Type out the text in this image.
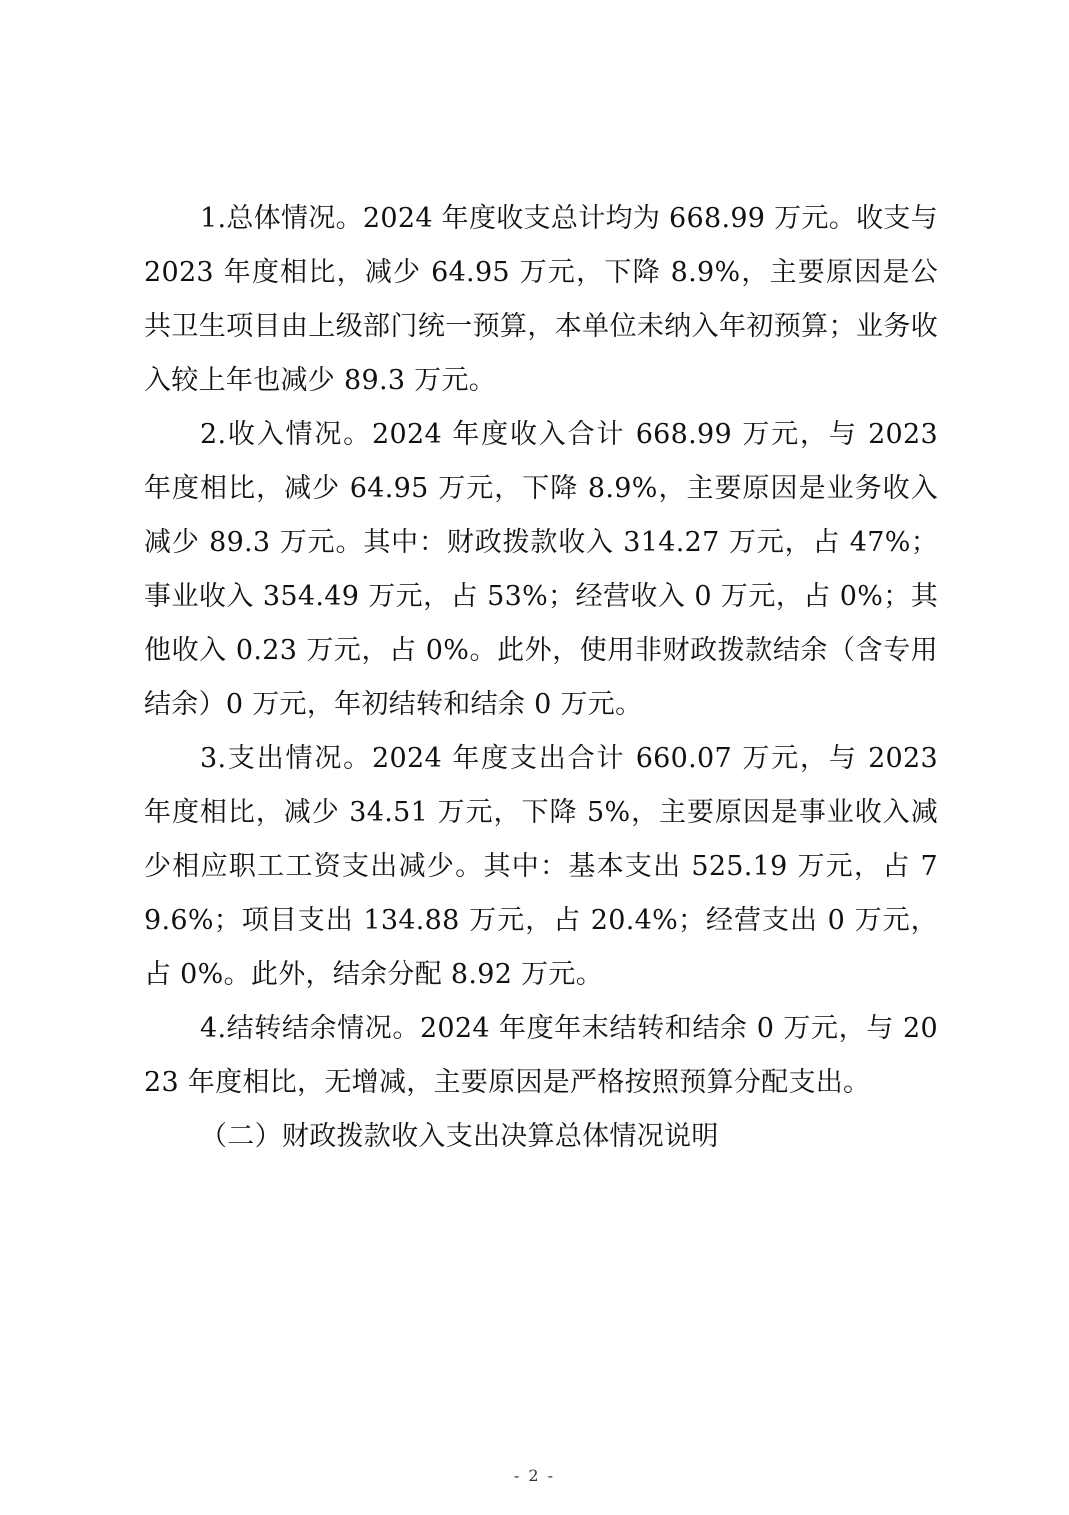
1.总体情况。2024 年度收支总计均为 668.99 万元。收支与 2023 年度相比，减少 64.95 万元，下降 8.9%，主要原因是公共卫生项目由上级部门统一预算，本单位未纳入年初预算；业务收入较上年也减少 89.3 万元。

2.收入情况。2024 年度收入合计 668.99 万元，与 2023 年度相比，减少 64.95 万元，下降 8.9%，主要原因是业务收入减少 89.3 万元。其中：财政拨款收入 314.27 万元，占 47%；事业收入 354.49 万元，占 53%；经营收入 0 万元，占 0%；其他收入 0.23 万元，占 0%。此外，使用非财政拨款结余（含专用结余）0 万元，年初结转和结余 0 万元。

3.支出情况。2024 年度支出合计 660.07 万元，与 2023 年度相比，减少 34.51 万元，下降 5%，主要原因是事业收入减少相应职工工资支出减少。其中：基本支出 525.19 万元，占 79.6%；项目支出 134.88 万元，占 20.4%；经营支出 0 万元，占 0%。此外，结余分配 8.92 万元。

4.结转结余情况。2024 年度年末结转和结余 0 万元，与 2023 年度相比，无增减，主要原因是严格按照预算分配支出。

（二）财政拨款收入支出决算总体情况说明

- 2 -
